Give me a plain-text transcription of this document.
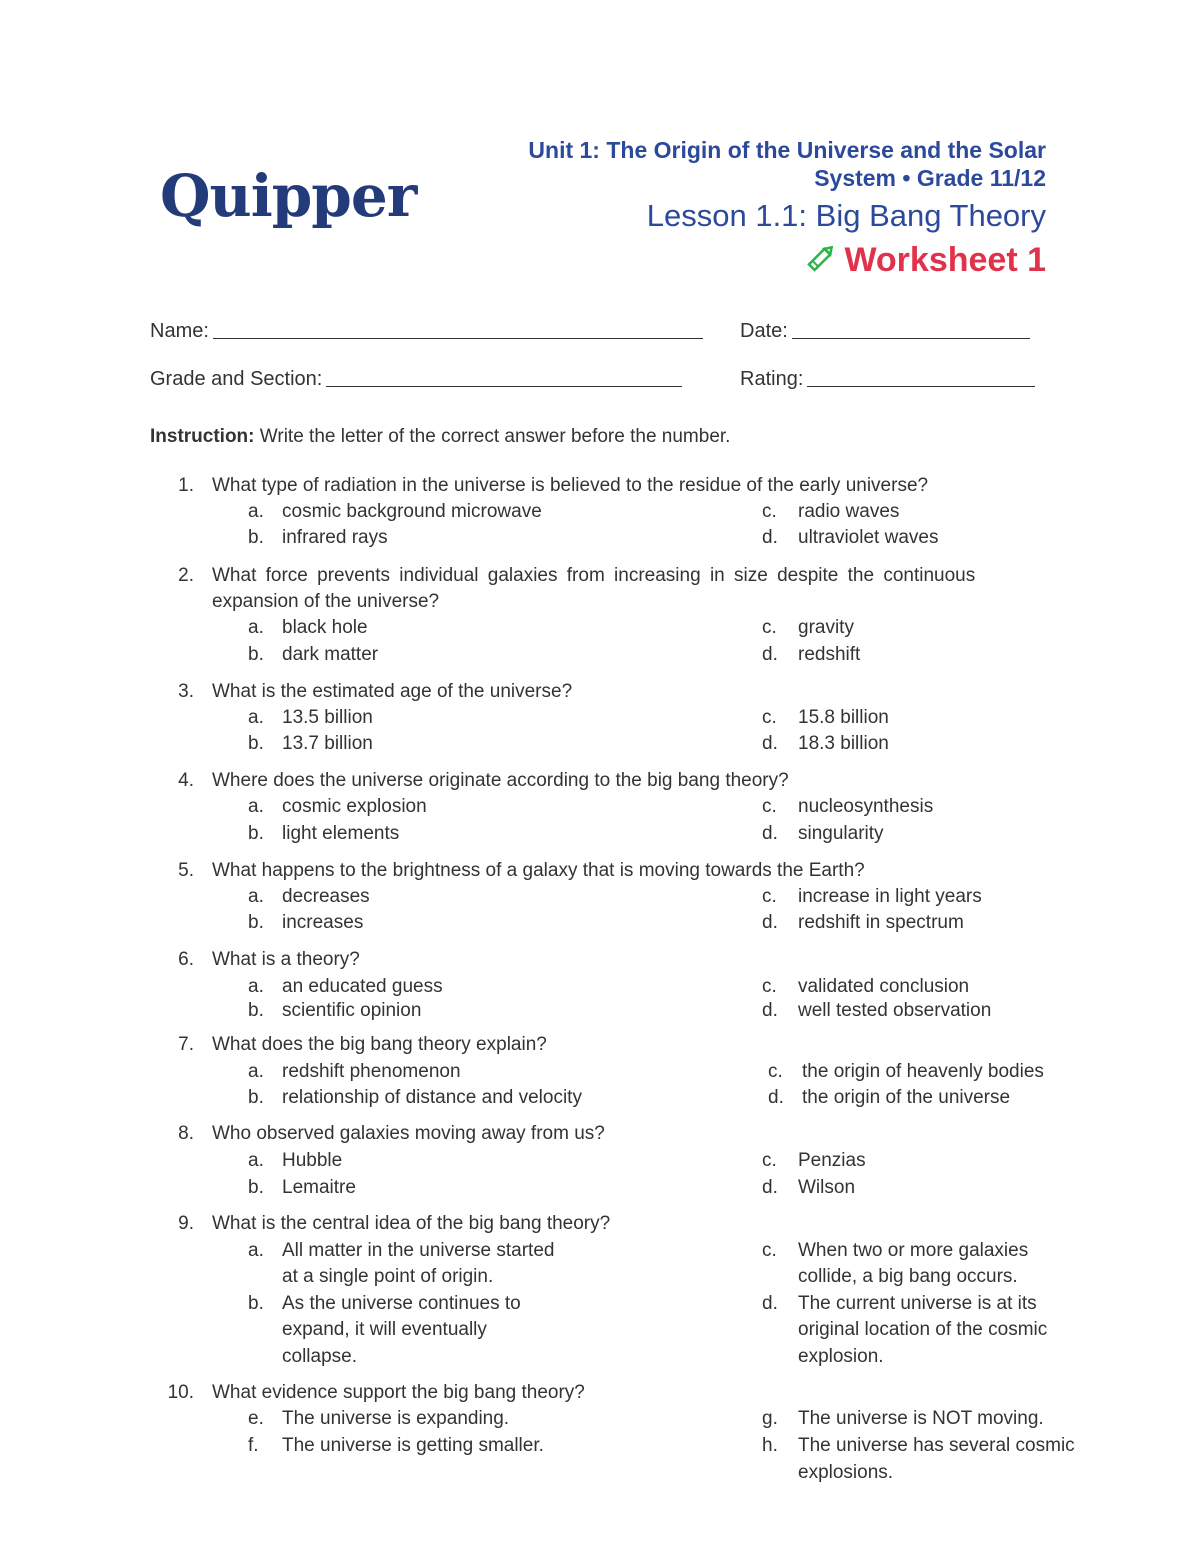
Quipper
Unit 1: The Origin of the Universe and the Solar
System • Grade 11/12
Lesson 1.1: Big Bang Theory
Worksheet 1
Name:	Date:
Grade and Section:	Rating:
Instruction: Write the letter of the correct answer before the number.
1. What type of radiation in the universe is believed to the residue of the early universe?
a. cosmic background microwave
b. infrared rays
c. radio waves
d. ultraviolet waves
2. What force prevents individual galaxies from increasing in size despite the continuous
expansion of the universe?
a. black hole
b. dark matter
c. gravity
d. redshift
3. What is the estimated age of the universe?
a. 13.5 billion
b. 13.7 billion
c. 15.8 billion
d. 18.3 billion
4. Where does the universe originate according to the big bang theory?
a. cosmic explosion
b. light elements
c. nucleosynthesis
d. singularity
5. What happens to the brightness of a galaxy that is moving towards the Earth?
a. decreases
b. increases
c. increase in light years
d. redshift in spectrum
6. What is a theory?
a. an educated guess
b. scientific opinion
c. validated conclusion
d. well tested observation
7. What does the big bang theory explain?
a. redshift phenomenon
b. relationship of distance and velocity
c. the origin of heavenly bodies
d. the origin of the universe
8. Who observed galaxies moving away from us?
a. Hubble
b. Lemaitre
c. Penzias
d. Wilson
9. What is the central idea of the big bang theory?
a. All matter in the universe started
at a single point of origin.
b. As the universe continues to
expand, it will eventually
collapse.
c. When two or more galaxies
collide, a big bang occurs.
d. The current universe is at its
original location of the cosmic
explosion.
10. What evidence support the big bang theory?
e. The universe is expanding.
f. The universe is getting smaller.
g. The universe is NOT moving.
h. The universe has several cosmic
explosions.
